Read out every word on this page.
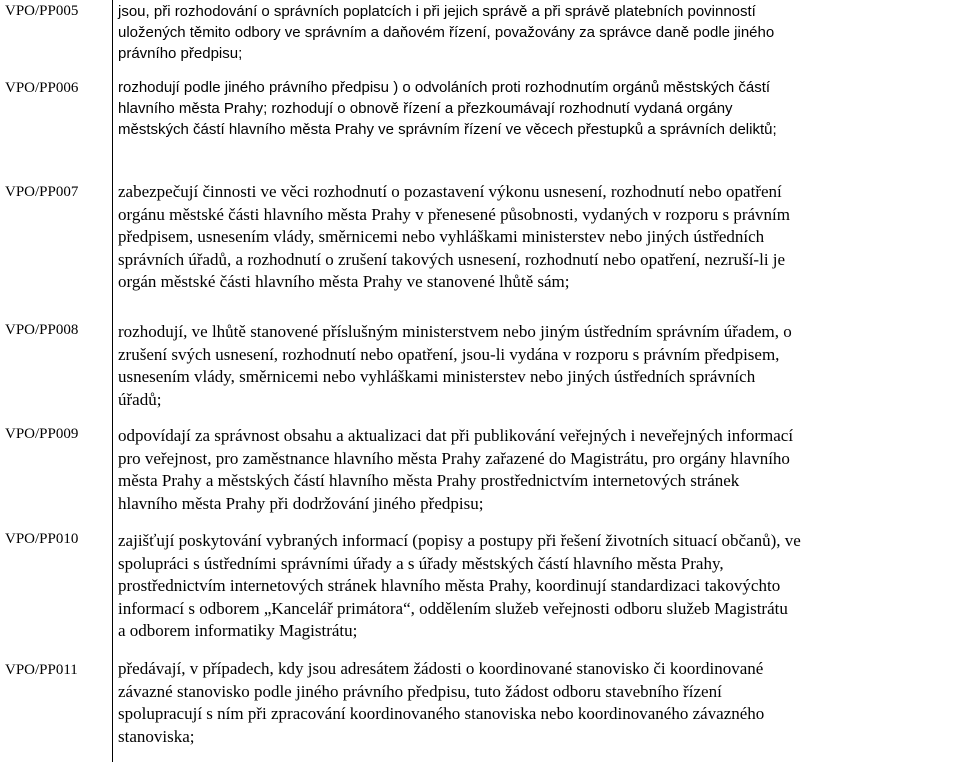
VPO/PP005	jsou, při rozhodování o správních poplatcích i při jejich správě a při správě platebních povinností
uložených těmito odbory ve správním a daňovém řízení, považovány za správce daně podle jiného
právního předpisu;
VPO/PP006	rozhodují podle jiného právního předpisu ) o odvoláních proti rozhodnutím orgánů městských částí
hlavního města Prahy; rozhodují o obnově řízení a přezkoumávají rozhodnutí vydaná orgány
městských částí hlavního města Prahy ve správním řízení ve věcech přestupků a správních deliktů;
VPO/PP007	zabezpečují činnosti ve věci rozhodnutí o pozastavení výkonu usnesení, rozhodnutí nebo opatření
orgánu městské části hlavního města Prahy v přenesené působnosti, vydaných v rozporu s právním
předpisem, usnesením vlády, směrnicemi nebo vyhláškami ministerstev nebo jiných ústředních
správních úřadů, a rozhodnutí o zrušení takových usnesení, rozhodnutí nebo opatření, nezruší-li je
orgán městské části hlavního města Prahy ve stanovené lhůtě sám;
VPO/PP008	rozhodují, ve lhůtě stanovené příslušným ministerstvem nebo jiným ústředním správním úřadem, o
zrušení svých usnesení, rozhodnutí nebo opatření, jsou-li vydána v rozporu s právním předpisem,
usnesením vlády, směrnicemi nebo vyhláškami ministerstev nebo jiných ústředních správních
úřadů;
VPO/PP009	odpovídají za správnost obsahu a aktualizaci dat při publikování veřejných i neveřejných informací
pro veřejnost, pro zaměstnance hlavního města Prahy zařazené do Magistrátu, pro orgány hlavního
města Prahy a městských částí hlavního města Prahy prostřednictvím internetových stránek
hlavního města Prahy při dodržování jiného předpisu;
VPO/PP010	zajišťují poskytování vybraných informací (popisy a postupy při řešení životních situací občanů), ve
spolupráci s ústředními správními úřady a s úřady městských částí hlavního města Prahy,
prostřednictvím internetových stránek hlavního města Prahy, koordinují standardizaci takovýchto
informací s odborem „Kancelář primátora“, oddělením služeb veřejnosti odboru služeb Magistrátu
a odborem informatiky Magistrátu;
VPO/PP011	předávají, v případech, kdy jsou adresátem žádosti o koordinované stanovisko či koordinované
závazné stanovisko podle jiného právního předpisu, tuto žádost odboru stavebního řízení
spolupracují s ním při zpracování koordinovaného stanoviska nebo koordinovaného závazného
stanoviska;
